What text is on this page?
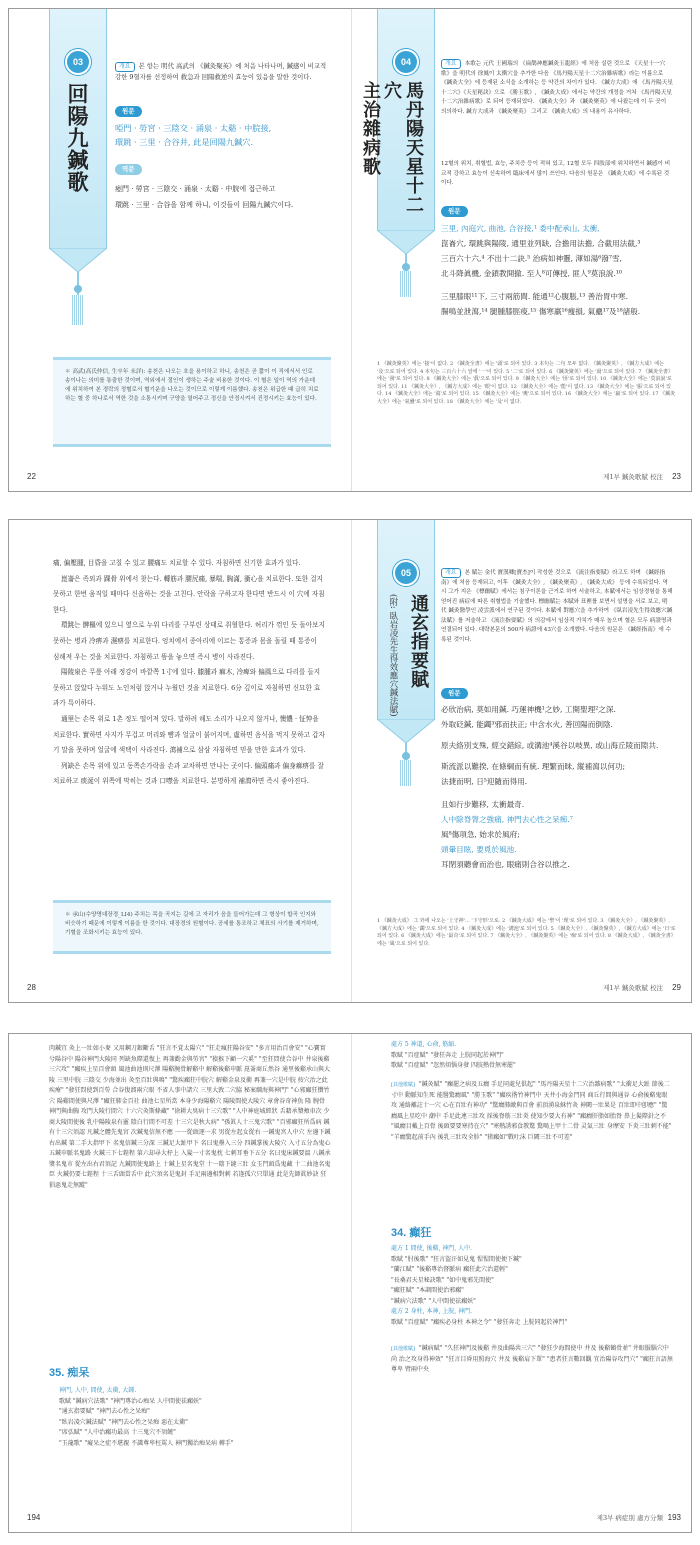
03
回陽九鍼歌
개요 본 항는 明代 高武의 《鍼灸聚英》에 처음 나타나며, 鍼感이 비교적 강한 9혈자를 선정하여 救急과 回陽救逆의 효능이 있음을 말한 것이다.
원문
啞門 · 勞宮 · 三陰交 · 涌泉 · 太谿 · 中脘接,
環跳 · 三里 · 合谷并, 此是回陽九鍼穴.
역문
瘂門 · 勞宮 · 三陰交 · 涌泉 · 太谿 · 中脘에 접근하고
環跳 · 三里 · 合谷을 함께 하니, 이것들이 回陽九鍼穴이다.
✽ 高武(高氏仲信, 生卒年 未詳): 송천은 나오는 호을 용이하고 하니, 송천은 곧 짧이 이 직에서서 인로 송이나는 의미를 통출한 것이며, 역외에서 절인이 생하는 주술 비용한 것이다. 이 혈은 일이 역의 가운데에 위치하여 본 경락의 정혈로서 혈기운을 나오는 것이므로 이렇게 이름했다. 송천은 위급한 때 급히 치료하는 혈 중 하나로서 역한 것을 소통시키며 구양을 열어주고 정신을 안정시켜서 진정시키는 효능이 있다.
22
04
馬丹陽天星十二穴
主治雜病歌
개요 本歌는 元代 王國瑞의 《扁鵲神應鍼灸玉龍經》에 처음 실린 것으로 《天星十一穴歌》을 明代의 徐鳳이 太衝穴을 추가한 다음 《馬丹陽天星十二穴治雜病歌》라는 이름으로 《鍼灸大全》에 등재된 소식을 소개하는 등 약간의 차이가 있다. 《鍼方大成》에 《馬丹陽天星十二穴》《天星秘訣》으로 《勝玉歌》, 《鍼灸大成》에서는 약간의 개정을 거쳐 《馬丹陽天星十二穴治雜病歌》로 되어 등재되었다. 《鍼灸大全》과 《鍼灸聚英》에 나왔는데 이 두 곳이 의의하다. 鍼方大成과 《鍼灸聚英》 그리고 《鍼灸大成》의 내용이 유사하다.
12혈의 위치, 취혈법, 효능, 주치증 등이 적혀 있고, 12혈 모두 四肢部에 위치하면서 鍼感이 비교적 강하고 효능이 신속하여 臨床에서 많이 쓰인다. 다음의 원문은 《鍼灸大成》에 수록된 것이다.
원문
三里, 內庭穴, 曲池, 合谷接,¹ 委中配承山, 太衝,
崑崙穴, 環跳與陽陵, 通里並列缺, 合擔用法擔, 合截用法截,³
三百六十六,⁴ 不出十二訣.⁵ 治病如神靈, 渾如湯⁶潑⁷雪,
北斗降眞機, 金鎖教開撤. 至人⁸可傳授, 匪人⁹莫浪說.¹⁰
三里膝眼¹¹下, 三寸兩筋間. 能通¹²心腹脹,¹³ 善治胃中寒.
腸鳴並泄瀉,¹⁴ 腿腫膝脛痠,¹⁵ 傷寒羸¹⁶瘦損, 氣蠱¹⁷及¹⁸諸般.
1 《鍼灸聚英》에는 '接'이 없다. 2 《鍼灸全書》에는 '頭'로 되어 있다. 3 本句는 二句 모두 없다. 《鍼灸聚英》, 《鍼方大成》에는 '及'으로 되어 있다. 4 本句는 三百六十六 앞에 '一'이 있다. 5 '二'로 되어 있다. 6 《鍼灸聚英》에는 '湯'으로 되어 있다. 7 《鍼灸全書》에는 '潑'로 되어 있다. 8 《鍼灸大全》에는 '眞'으로 되어 있다. 9 《鍼灸大全》에는 '匪'로 되어 있다. 10 《鍼灸大全》에는 '莫浪說'로 되어 있다. 11 《鍼灸大全》, 《鍼方大成》에는 '眼'이 없다. 12 《鍼灸大全》에는 '能'이 없다. 13 《鍼灸大全》에는 '脹'으로 되어 있다. 14 《鍼灸大全》에는 '瀉'로 되어 있다. 15 《鍼灸大全》에는 '痠'으로 되어 있다. 16 《鍼灸大全》에는 '羸'로 되어 있다. 17 《鍼灸大全》에는 '氣蠱'로 되어 있다. 18 《鍼灸大全》에는 '及'이 없다.
제1부 鍼灸歌賦 校注 23
痛, 偏壓腫, 目昏을 고칠 수 있고 腰痛도 치료할 수 있다. 자침하면 신기한 효과가 있다.
崑崙은 족외과 踝骨 위에서 찾는다. 轉筋과 腰尻痛, 暴喘, 胸滿, 衝心을 치료한다. 또한 걸지 못하고 한번 움직일 때마다 신음하는 것을 고친다. 안락을 구하고자 한다면 반드시 이 穴에 자침한다.
環跳는 髀樞에 있으니 옆으로 누워 다리를 구부린 상태로 취혈한다. 허리가 꺾인 듯 돌아보지 못하는 병과 冷痹과 濕痹를 치료한다. 엉치에서 종아리에 이르는 통증과 몸을 돌릴 때 통증이 심해져 우는 것을 치료한다. 자침하고 뜸을 놓으면 즉시 병이 사라진다.
陽陵泉은 무릎 아래 정강이 바깥쪽 1寸에 있다. 膝腫과 痲木, 冷痺와 偏風으로 다리를 들지 못하고 앉았다 누워도 노인처럼 앉거나 누웠던 것을 치료한다. 6分 깊이로 자침하면 신묘한 효과가 특이하다.
通里는 손목 위로 1촌 정도 떨어져 있다. 말하려 해도 소리가 나오지 않거나, 懊憹 · 怔忡을 치료한다. 實하면 사지가 무겁고 머리와 뺨과 얼굴이 붉어지며, 虛하면 음식을 먹지 못하고 갑자기 말을 못하며 얼굴에 색택이 사라진다. 瀉補으로 삼삼 자침하면 믿을 만한 효과가 있다.
列缺은 손목 위에 있고 동쪽손가락을 손과 교차하면 만나는 곳이다. 偏頭痛과 偏身痲痹를 잘 치료하고 痰涎이 위쪽에 막히는 것과 口噤을 치료한다. 분명하게 補瀉하면 즉시 좋아진다.
✽ 承山(수양명대장경_LI4) 주치는 목을 곡지는 길에 고 자리가 음을 들어가는데 그 형상이 합곡 인지와 비슷하기 때문에 이렇게 이름을 한 것이다. 대장경의 원혈이다. 공세를 통조하고 체표의 사기를 제거하며, 기혈을 조화시키는 효능이 있다.
28
05
通玄指要賦
(附: 臥岩凌先生得效應穴鍼法賦)
개요 본 賦는 金代 寶漢卿[寶杰]이 작성한 것으로 《流注指要賦》라고도 하며 《鍼經指南》에 처음 등재되고, 이후 《鍼灸大全》, 《鍼灸聚英》, 《鍼灸大成》 등에 수록되었다. 역시 그가 지은 《標幽賦》에서는 침구이론을 근거로 하여 서술하고, 本賦에서는 임상경험을 통해 얻어진 病症에 따른 취혈법을 기술했다. 標幽賦는 本賦와 표裡를 보면서 설명을 서로 보고, 明代 鍼灸醫學인 凌雲派에서 연구된 것이다. 本賦에 對應穴을 추가하여 《臥岩凌先生得效應穴鍼法賦》를 저술하고 《流注指要賦》의 의감에서 임상적 가치가 매우 높으며 혈은 모두 病證명과 연결되어 있다. 대략본문의 500자 病證에 43穴을 소개했다. 다음의 원문은 《鍼經指南》에 수록된 것이다.
원문
必欣治病, 莫如用鍼. 巧運神機¹之妙, 工開聖理²之深.
外取砭鍼, 能蠲³邪而扶正; 中含水火, 善回陽而倒陰.
原夫絡別支殊, 經交錯綜, 或溝池⁴溪谷以岐異, 或山海丘陵而隙共.
斯流派以難揆, 在條綱而有統. 理繁而昧, 縱補瀉以何功;
法捷而明, 日⁵迎隨而得用.
且如行步難移, 太衝最奇.
人中除脊膂之強痛, 神門去心性之呆痴.⁷
風⁸傷項急, 始求於風府;
頭暈目眩, 要覓於風池.
耳閉須聽會而治也, 眼痛則合谷以推之.
1 《鍼灸大成》 그 外에 나오는 '上守神'... '下守形'으로. 2 《鍼灸大成》에는 '聖'이 '理'로 되어 있다. 3 《鍼灸大全》, 《鍼灸聚英》, 《鍼方大成》에는 '蠲'으로 되어 있다. 4 《鍼灸大成》에는 '溝池'로 되어 있다. 5 《鍼灸大全》, 《鍼灸聚英》, 《鍼方大成》에는 '日'로 되어 있다. 6 《鍼灸大成》에는 '最奇'로 되어 있다. 7 《鍼灸大全》, 《鍼灸聚英》에는 '痴'로 되어 있다. 8 《鍼灸大成》, 《鍼灸全書》에는 '風'으로 되어 있다.
제1부 鍼灸歌賦 校注 29
肉鍼宜 灸上一壯如小麥 又用鋼刀銀斷舌 "狂言不覚太陽穴" "狂走瘋狂陽谷安" "多言用治百會安" "心寶實兮陽谷中 陽谷神門大陵同 列缺魚際還復上 再兼勸金與勞宮" "猿猴下顧一穴奚" "至狂問使合谷中 井泉後谿三穴攻" "癲疾上星百會頭 風池曲池則尺澤 陽谿腕骨解谿中 解谿後谿申脈 崑崙商丘然谷 通里後谿承山與大陵 三里中脘 三陰交 少海並出 灸至百壯與鳴" "驚疾癲狂中脘穴 解谿金泉及衝 再兼一穴是中脘 按穴治之此疾療" "發狂問使到百勞 合谷復溜兩穴眼 不省人事中諸穴 三里大敦二穴脇 秘案綱海與神門" "心邪癲狂攢竹穴 陽谿間使與尺澤 "癲狂肺金百社 曲池七星所當 本身少海陽谿穴 陽陵間使大陵穴 章會谷奇神魚 隆 腕骨神門與曲胸 攻門大陵行間穴 十六穴灸斯條藏" "徐耕大臭病十三穴歌" "人中神庭城經狀 舌藉承漿頰車次 少商大陵間使後 乳中陽陵泉有靈 陰白行間不可差 十三穴是秋大病" "孫眞人十三鬼穴歌" "百邪癲狂所爲病 鍼有十三穴須認 凡鍼之體先鬼宮 次鍼鬼信無不應 一一從頭逐一求 男從左起女從右 一鍼鬼宮人中穴 左邊下鍼右出鍼 第二手大指甲下 名鬼信鍼三分深 三鍼足大趾甲下 名曰鬼壘入三分 四鍼掌後大陵穴 入寸五分為鬼心 五鍼申脈名鬼路 火鍼三下七鋥程 第六却尋大杼上 入髮一寸名鬼枕 七刺耳垂下五分 名曰鬼床鍼要溫 八鍼承漿名鬼市 從左出右君須記 九鍼間使鬼路上 十鍼上星名鬼堂 十一陰下縫三壯 女玉門頭爲鬼藏 十二曲池名鬼臣 火鍼仍要七鋥程 十三舌頭當舌中 此穴須名是鬼封 手足兩邊相對刺 若逢孤穴只單通 此是先師眞妙訣 狂猖惡鬼走無蹤"
35. 痴呆
神門, 人中, 間使, 太衝, 大鍾.
歌賦 "鍼病穴法歌" "神門專治心痴呆 人中間使祛癲妖"
"通玄指要賦" "神門去心性之呆痴"
"臥岩凌穴鍼法賦" "神門去心性之呆痴 惡在太衝"
"席弘賦" "人中治癲功最高 十三鬼穴不須饒"
"玉龍歌" "癡呆之症不堪親 不識尊卑枉罵人 神門獨治痴呆病 轉手"
194
處方 5 神道, 心俞, 筋縮.
歌賦 "百症賦" "發狂奔走 上脘同起於神門"
歌賦 "百症賦" "忽然煩惱身發 四肢熱骨無寒罷"
[其他歌賦] "鍼灸賦" "癫罷之病及五癇 手足同處兒俱起" "馬丹陽天星十二穴治雜病歌" "太衝足大趾 節後二寸中 動脈知生死 能醫驚癇風" "勝玉歌" "癲疾揩竹神門中 天井小海金門同 商丘行間與通谷 心俞後谿鬼眼攻 通絡離註十一穴 心在百壯有神功" "驚癇肺敵與百會 前頂湧泉穌竹灸 神闕一壯果是 百壯即中卽應" "驚癇風上星吃中 潮中 手足此連三壯攻 採後脊筋三壯炎 使知少要大有神" "癲癇肝脂如胎脊 鼻上髮際針之不 "風癇目戴上百骨 後頭要要寒持在穴" "寒熱誘邪食教驚 驚喝上甲十二骨 灵氣三壯 身摩安 下炎三壯刺不能" "羊癇驚起前手內 後乳三壯攻全胗" "猪癲如"戰吐沫 巨闕三壯不可差"
34. 癲狂
處方 1 間使, 後谿, 神門, 人中.
歌賦 "肘後歌" "狂言盜汗如見鬼 惺惺間使便下鍼"
"蘭江賦" "後谿專治督脈病 癲狂此穴治還輕"
"長桑君天星秘訣歌" "如中鬼邪先間使"
"癲狂賦" "本調間使治邪癲"
"鍼病穴法歌" "人中間使祛癲妖"
處方 2 身柱, 本神, 上脘, 神門.
歌賦 "百症賦" "癲疾必身柱 本神之令" "發狂奔走 上脘同起於神門"
[其他歌賦] "鍼病賦" "久狂神門及後谿 井及曲陽共三穴" "發狂少海間使中 井及 後谿鶴骨並" 井眼服腦穴中尚 治之攻身得神效" "狂言目昏用照海穴 井及 後谿肩下單" "患者狂言數回觀 宜治陽谷攻門穴" "癲狂言語無尊卑 臂兩中央
제3부 病症別 處方分類 193
